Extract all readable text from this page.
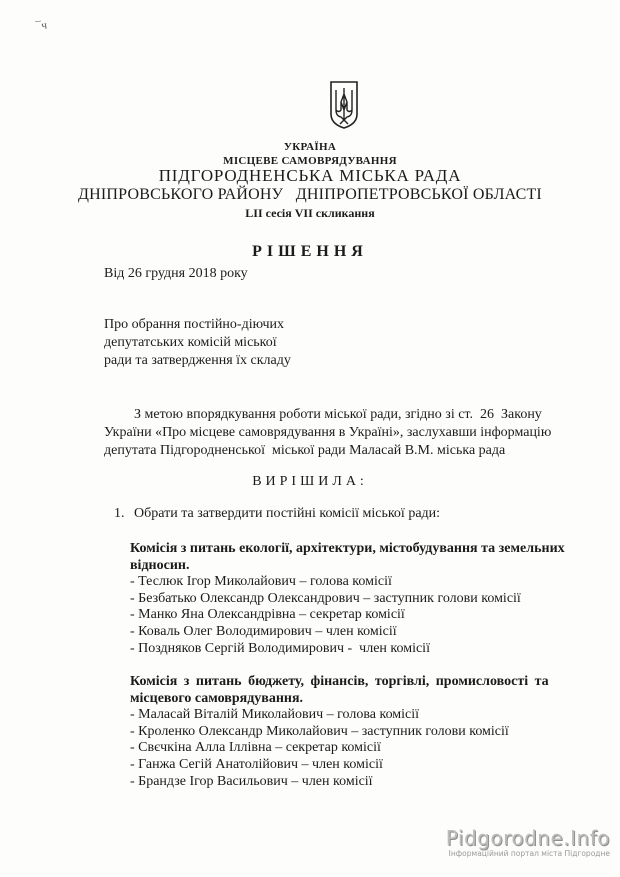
¯ч
УКРАЇНА
МІСЦЕВЕ САМОВРЯДУВАННЯ
ПІДГОРОДНЕНСЬКА МІСЬКА РАДА
ДНІПРОВСЬКОГО РАЙОНУ   ДНІПРОПЕТРОВСЬКОЇ ОБЛАСТІ
LII сесія VII скликання
РІШЕННЯ
Від 26 грудня 2018 року
Про обрання постійно-діючих
депутатських комісій міської
ради та затвердження їх складу
З метою впорядкування роботи міської ради, згідно зі ст.  26  Закону
України «Про місцеве самоврядування в Україні», заслухавши інформацію
депутата Підгородненської  міської ради Маласай В.М. міська рада
ВИРІШИЛА:
1. Обрати та затвердити постійні комісії міської ради:
Комісія з питань екології, архітектури, містобудування та земельних
відносин.
- Теслюк Ігор Миколайович – голова комісії
- Безбатько Олександр Олександрович – заступник голови комісії
- Манко Яна Олександрівна – секретар комісії
- Коваль Олег Володимирович – член комісії
- Поздняков Сергій Володимирович -  член комісії
Комісія з питань бюджету, фінансів, торгівлі, промисловості та
місцевого самоврядування.
- Маласай Віталій Миколайович – голова комісії
- Кроленко Олександр Миколайович – заступник голови комісії
- Свєчкіна Алла Іллівна – секретар комісії
- Ганжа Сегій Анатолійович – член комісії
- Брандзе Ігор Васильович – член комісії
Pidgorodne.Info
Інформаційний портал міста Підгородне
